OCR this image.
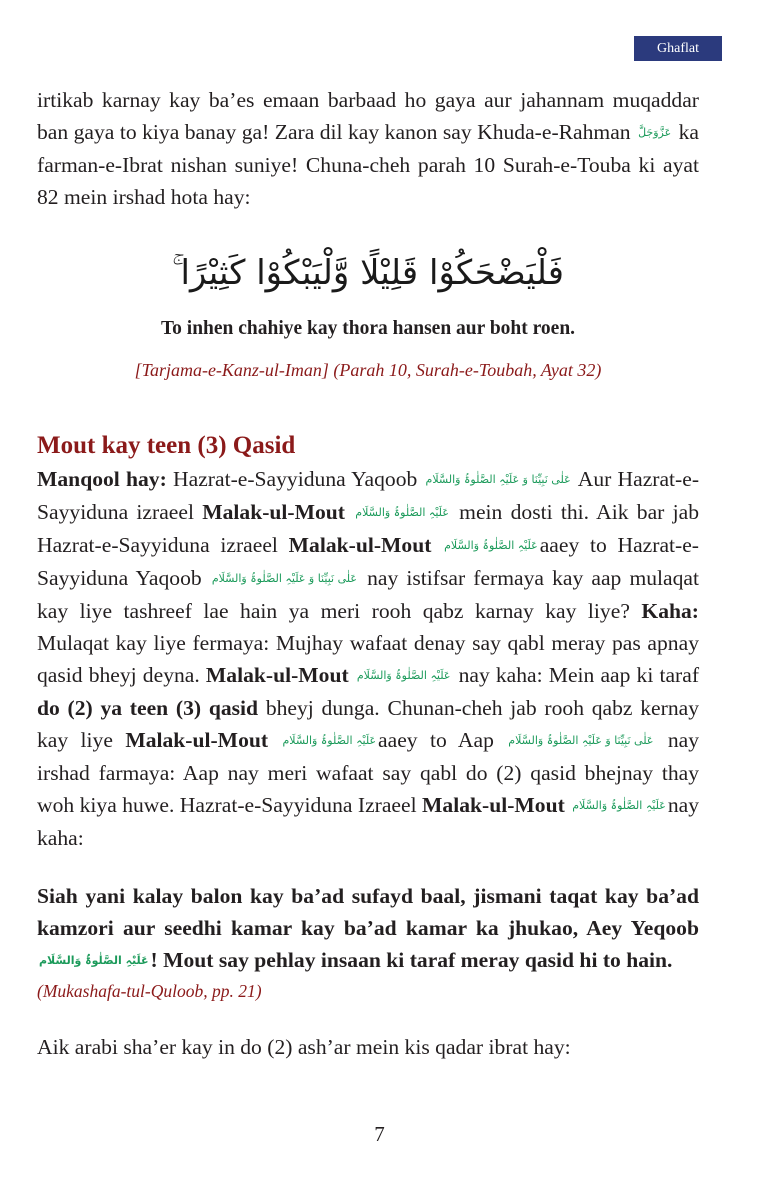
Ghaflat

irtikab karnay kay ba’es emaan barbaad ho gaya aur jahannam muqaddar ban gaya to kiya banay ga! Zara dil kay kanon say Khuda-e-Rahman عَزَّوَجَلَّ ka farman-e-Ibrat nishan suniye! Chuna-cheh parah 10 Surah-e-Touba ki ayat 82 mein irshad hota hay:

فَلْيَضْحَكُوْا قَلِيْلًا وَّلْيَبْكُوْا كَثِيْرًا ۚ

To inhen chahiye kay thora hansen aur boht roen.

[Tarjama-e-Kanz-ul-Iman] (Parah 10, Surah-e-Toubah, Ayat 32)

Mout kay teen (3) Qasid

Manqool hay: Hazrat-e-Sayyiduna Yaqoob عَلٰی نَبِیِّنَا وَ عَلَیْہِ الصَّلٰوۃُ وَالسَّلَام Aur Hazrat-e-Sayyiduna izraeel Malak-ul-Mout عَلَیْہِ الصَّلٰوۃُ وَالسَّلَام mein dosti thi. Aik bar jab Hazrat-e-Sayyiduna izraeel Malak-ul-Mout عَلَیْہِ الصَّلٰوۃُ وَالسَّلَامaaey to Hazrat-e-Sayyiduna Yaqoob عَلٰی نَبِیِّنَا وَ عَلَیْہِ الصَّلٰوۃُ وَالسَّلَام nay istifsar fermaya kay aap mulaqat kay liye tashreef lae hain ya meri rooh qabz karnay kay liye? Kaha: Mulaqat kay liye fermaya: Mujhay wafaat denay say qabl meray pas apnay qasid bheyj deyna. Malak-ul-Mout عَلَیْہِ الصَّلٰوۃُ وَالسَّلَام nay kaha: Mein aap ki taraf do (2) ya teen (3) qasid bheyj dunga. Chunan-cheh jab rooh qabz kernay kay liye Malak-ul-Mout عَلَیْہِ الصَّلٰوۃُ وَالسَّلَامaaey to Aap عَلٰی نَبِیِّنَا وَ عَلَیْہِ الصَّلٰوۃُ وَالسَّلَام nay irshad farmaya: Aap nay meri wafaat say qabl do (2) qasid bhejnay thay woh kiya huwe. Hazrat-e-Sayyiduna Izraeel Malak-ul-Mout عَلَیْہِ الصَّلٰوۃُ وَالسَّلَامnay kaha:

Siah yani kalay balon kay ba’ad sufayd baal, jismani taqat kay ba’ad kamzori aur seedhi kamar kay ba’ad kamar ka jhukao, Aey Yeqoob عَلَیْہِ الصَّلٰوۃُ وَالسَّلَام! Mout say pehlay insaan ki taraf meray qasid hi to hain.

(Mukashafa-tul-Quloob, pp. 21)

Aik arabi sha’er kay in do (2) ash’ar mein kis qadar ibrat hay:

7
